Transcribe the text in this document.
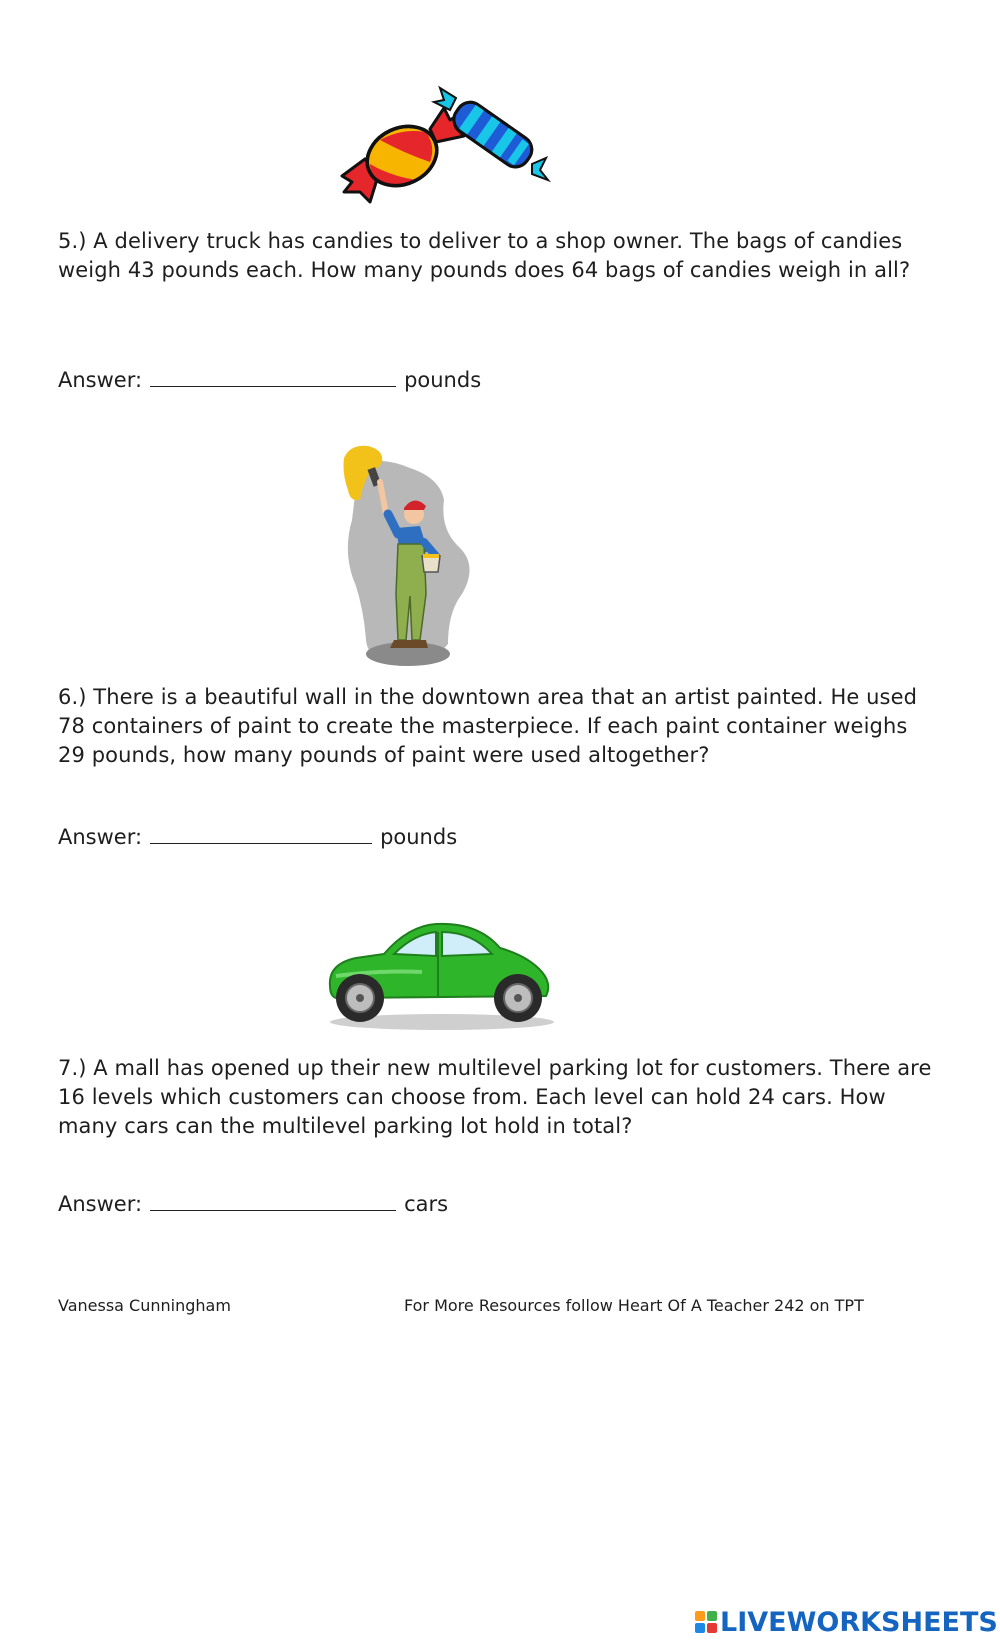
5.) A delivery truck has candies to deliver to a shop owner. The bags of candies weigh 43 pounds each. How many pounds does 64 bags of candies weigh in all?

Answer:	pounds

6.) There is a beautiful wall in the downtown area that an artist painted. He used 78 containers of paint to create the masterpiece. If each paint container weighs 29 pounds, how many pounds of paint were used altogether?

Answer:	pounds

7.) A mall has opened up their new multilevel parking lot for customers. There are 16 levels which customers can choose from. Each level can hold 24 cars. How many cars can the multilevel parking lot hold in total?

Answer:	cars
Vanessa Cunningham	For More Resources follow Heart Of A Teacher 242 on TPT
LIVEWORKSHEETS
